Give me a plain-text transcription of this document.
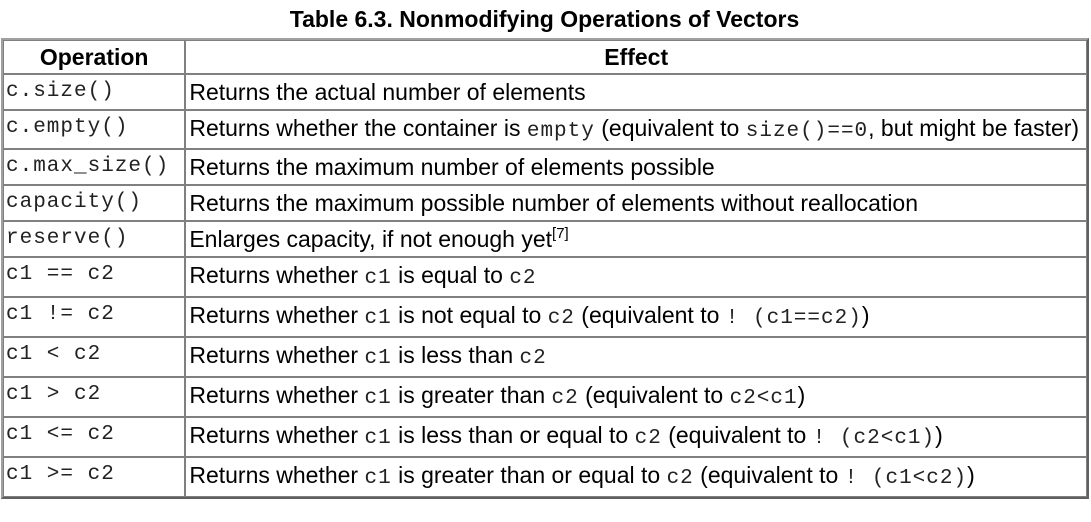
Table 6.3. Nonmodifying Operations of Vectors
Operation	Effect
c.size()	Returns the actual number of elements
c.empty()	Returns whether the container is empty (equivalent to size()==0, but might be faster)
c.max_size()	Returns the maximum number of elements possible
capacity()	Returns the maximum possible number of elements without reallocation
reserve()	Enlarges capacity, if not enough yet[7]
c1 == c2	Returns whether c1 is equal to c2
c1 != c2	Returns whether c1 is not equal to c2 (equivalent to ! (c1==c2))
c1 < c2	Returns whether c1 is less than c2
c1 > c2	Returns whether c1 is greater than c2 (equivalent to c2<c1)
c1 <= c2	Returns whether c1 is less than or equal to c2 (equivalent to ! (c2<c1))
c1 >= c2	Returns whether c1 is greater than or equal to c2 (equivalent to ! (c1<c2))
